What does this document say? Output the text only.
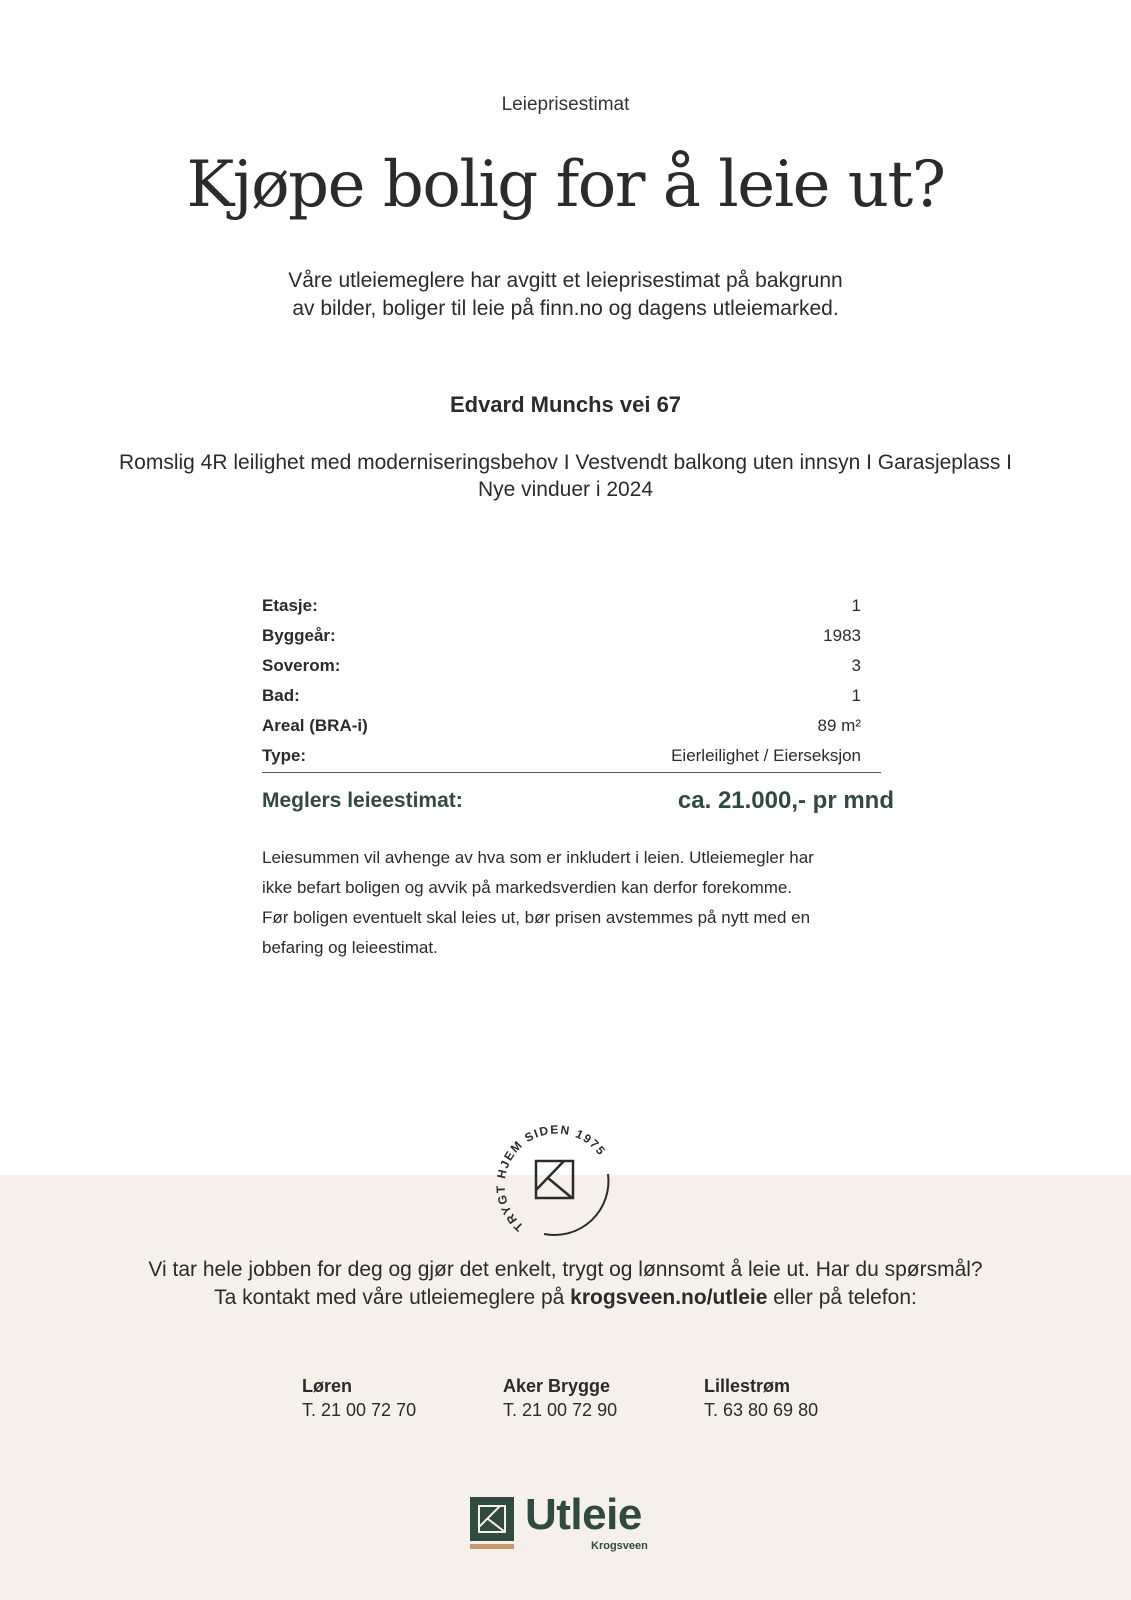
Leieprisestimat
Kjøpe bolig for å leie ut?
Våre utleiemeglere har avgitt et leieprisestimat på bakgrunn
av bilder, boliger til leie på finn.no og dagens utleiemarked.
Edvard Munchs vei 67
Romslig 4R leilighet med moderniseringsbehov I Vestvendt balkong uten innsyn I Garasjeplass I
Nye vinduer i 2024
Etasje:	1
Byggeår:	1983
Soverom:	3
Bad:	1
Areal (BRA-i)	89 m²
Type:	Eierleilighet / Eierseksjon
Meglers leieestimat:	ca. 21.000,- pr mnd
Leiesummen vil avhenge av hva som er inkludert i leien. Utleiemegler har
ikke befart boligen og avvik på markedsverdien kan derfor forekomme.
Før boligen eventuelt skal leies ut, bør prisen avstemmes på nytt med en
befaring og leieestimat.
TRYGT HJEM SIDEN 1975
Vi tar hele jobben for deg og gjør det enkelt, trygt og lønnsomt å leie ut. Har du spørsmål?
Ta kontakt med våre utleiemeglere på krogsveen.no/utleie eller på telefon:
Løren
T. 21 00 72 70
Aker Brygge
T. 21 00 72 90
Lillestrøm
T. 63 80 69 80
Utleie
Krogsveen
